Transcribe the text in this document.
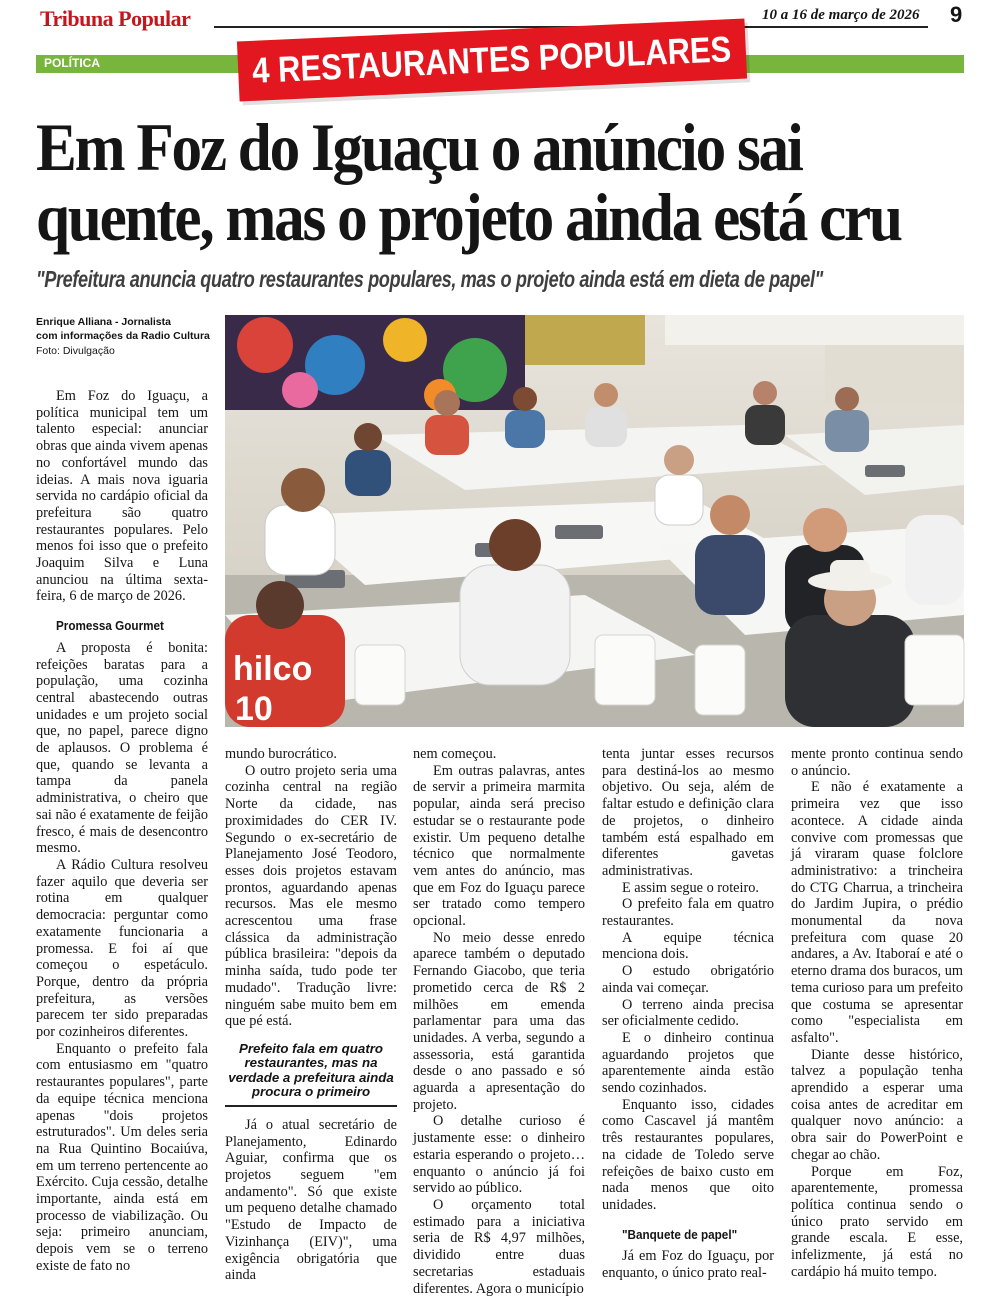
Tribuna Popular	10 a 16 de março de 2026 9
POLÍTICA	4 RESTAURANTES POPULARES
Em Foz do Iguaçu o anúncio sai
quente, mas o projeto ainda está cru
"Prefeitura anuncia quatro restaurantes populares, mas o projeto ainda está em dieta de papel"
Enrique Alliana - Jornalista
com informações da Radio Cultura
Foto: Divulgação
hilco
10

Em Foz do Iguaçu, a política municipal tem um talento especial: anunciar obras que ainda vivem apenas no confortável mundo das ideias. A mais nova iguaria servida no cardápio oficial da prefeitura são quatro restaurantes populares. Pelo menos foi isso que o prefeito Joaquim Silva e Luna anunciou na última sexta-feira, 6 de março de 2026.

Promessa Gourmet

A proposta é bonita: refeições baratas para a população, uma cozinha central abastecendo outras unidades e um projeto social que, no papel, parece digno de aplausos. O problema é que, quando se levanta a tampa da panela administrativa, o cheiro que sai não é exatamente de feijão fresco, é mais de desencontro mesmo.

A Rádio Cultura resolveu fazer aquilo que deveria ser rotina em qualquer democracia: perguntar como exatamente funcionaria a promessa. E foi aí que começou o espetáculo. Porque, dentro da própria prefeitura, as versões parecem ter sido preparadas por cozinheiros diferentes.

Enquanto o prefeito fala com entusiasmo em "quatro restaurantes populares", parte da equipe técnica menciona apenas "dois projetos estruturados". Um deles seria na Rua Quintino Bocaiúva, em um terreno pertencente ao Exército. Cuja cessão, detalhe importante, ainda está em processo de viabilização. Ou seja: primeiro anunciam, depois vem se o terreno existe de fato no

mundo burocrático.

O outro projeto seria uma cozinha central na região Norte da cidade, nas proximidades do CER IV. Segundo o ex-secretário de Planejamento José Teodoro, esses dois projetos estavam prontos, aguardando apenas recursos. Mas ele mesmo acrescentou uma frase clássica da administração pública brasileira: "depois da minha saída, tudo pode ter mudado". Tradução livre: ninguém sabe muito bem em que pé está.

Prefeito fala em quatro restaurantes, mas na verdade a prefeitura ainda procura o primeiro

Já o atual secretário de Planejamento, Edinardo Aguiar, confirma que os projetos seguem "em andamento". Só que existe um pequeno detalhe chamado "Estudo de Impacto de Vizinhança (EIV)", uma exigência obrigatória que ainda

nem começou.

Em outras palavras, antes de servir a primeira marmita popular, ainda será preciso estudar se o restaurante pode existir. Um pequeno detalhe técnico que normalmente vem antes do anúncio, mas que em Foz do Iguaçu parece ser tratado como tempero opcional.

No meio desse enredo aparece também o deputado Fernando Giacobo, que teria prometido cerca de R$ 2 milhões em emenda parlamentar para uma das unidades. A verba, segundo a assessoria, está garantida desde o ano passado e só aguarda a apresentação do projeto.

O detalhe curioso é justamente esse: o dinheiro estaria esperando o projeto… enquanto o anúncio já foi servido ao público.

O orçamento total estimado para a iniciativa seria de R$ 4,97 milhões, dividido entre duas secretarias estaduais diferentes. Agora o município

tenta juntar esses recursos para destiná-los ao mesmo objetivo. Ou seja, além de faltar estudo e definição clara de projetos, o dinheiro também está espalhado em diferentes gavetas administrativas.

E assim segue o roteiro.

O prefeito fala em quatro restaurantes.

A equipe técnica menciona dois.

O estudo obrigatório ainda vai começar.

O terreno ainda precisa ser oficialmente cedido.

E o dinheiro continua aguardando projetos que aparentemente ainda estão sendo cozinhados.

Enquanto isso, cidades como Cascavel já mantêm três restaurantes populares, na cidade de Toledo serve refeições de baixo custo em nada menos que oito unidades.

"Banquete de papel"

Já em Foz do Iguaçu, por enquanto, o único prato real-

mente pronto continua sendo o anúncio.

E não é exatamente a primeira vez que isso acontece. A cidade ainda convive com promessas que já viraram quase folclore administrativo: a trincheira do CTG Charrua, a trincheira do Jardim Jupira, o prédio monumental da nova prefeitura com quase 20 andares, a Av. Itaboraí e até o eterno drama dos buracos, um tema curioso para um prefeito que costuma se apresentar como "especialista em asfalto".

Diante desse histórico, talvez a população tenha aprendido a esperar uma coisa antes de acreditar em qualquer novo anúncio: a obra sair do PowerPoint e chegar ao chão.

Porque em Foz, aparentemente, promessa política continua sendo o único prato servido em grande escala. E esse, infelizmente, já está no cardápio há muito tempo.
